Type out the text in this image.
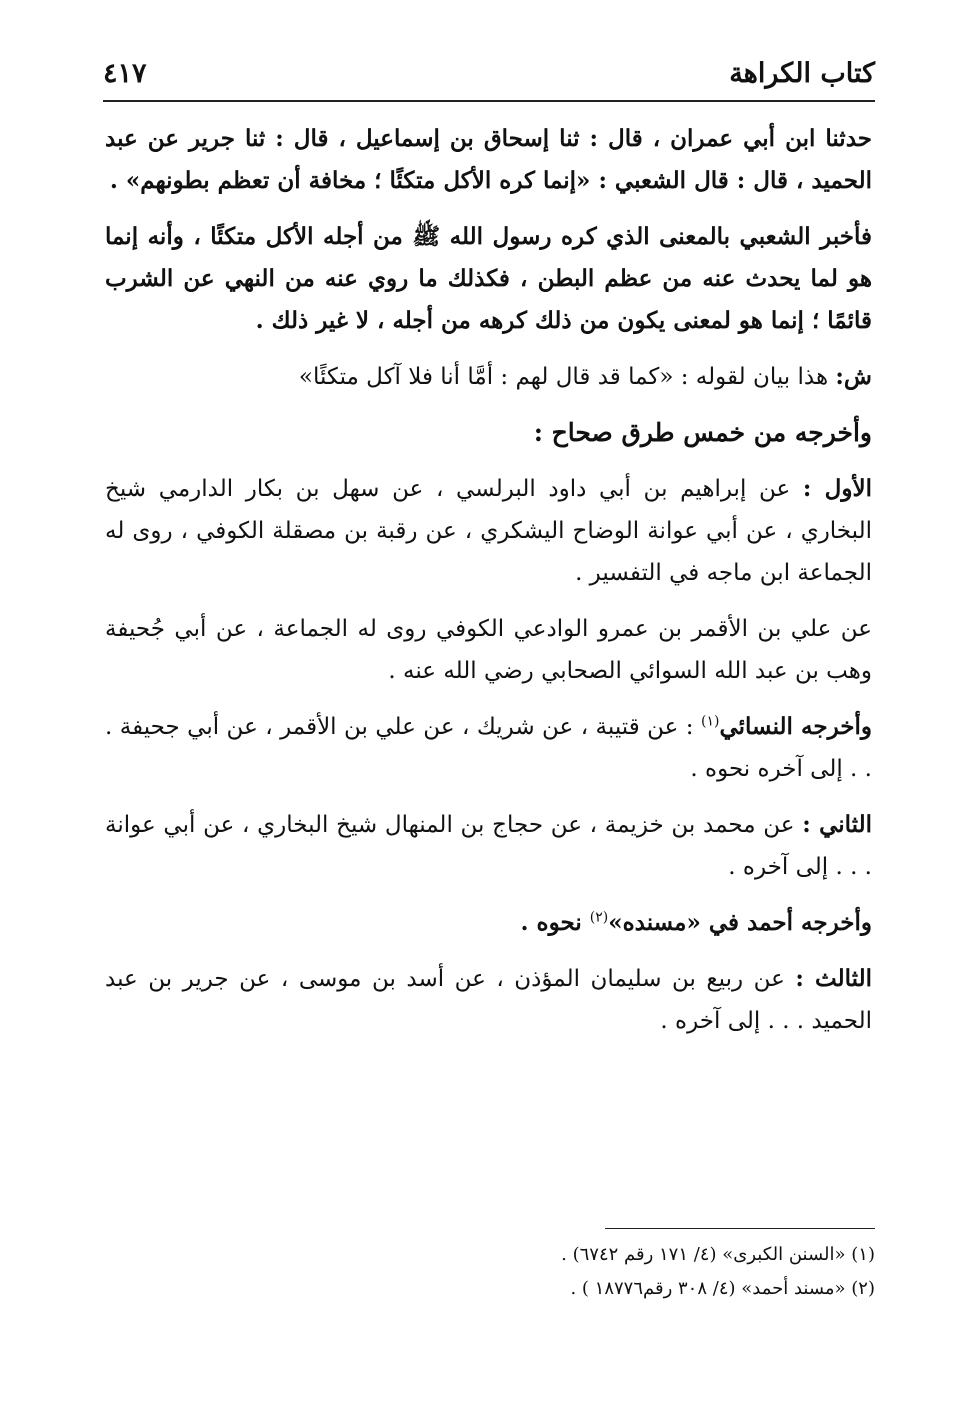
كتاب الكراهة
٤١٧

حدثنا ابن أبي عمران ، قال : ثنا إسحاق بن إسماعيل ، قال : ثنا جرير عن عبد الحميد ، قال : قال الشعبي : «إنما كره الأكل متكئًا ؛ مخافة أن تعظم بطونهم» .

فأخبر الشعبي بالمعنى الذي كره رسول الله ﷺ من أجله الأكل متكئًا ، وأنه إنما هو لما يحدث عنه من عظم البطن ، فكذلك ما روي عنه من النهي عن الشرب قائمًا ؛ إنما هو لمعنى يكون من ذلك كرهه من أجله ، لا غير ذلك .

ش: هذا بيان لقوله : «كما قد قال لهم : أمَّا أنا فلا آكل متكئًا»

وأخرجه من خمس طرق صحاح :

الأول : عن إبراهيم بن أبي داود البرلسي ، عن سهل بن بكار الدارمي شيخ البخاري ، عن أبي عوانة الوضاح اليشكري ، عن رقبة بن مصقلة الكوفي ، روى له الجماعة ابن ماجه في التفسير .

عن علي بن الأقمر بن عمرو الوادعي الكوفي روى له الجماعة ، عن أبي جُحيفة وهب بن عبد الله السوائي الصحابي رضي الله عنه .

وأخرجه النسائي$^{(١)}$ : عن قتيبة ، عن شريك ، عن علي بن الأقمر ، عن أبي جحيفة . . . إلى آخره نحوه .

الثاني : عن محمد بن خزيمة ، عن حجاج بن المنهال شيخ البخاري ، عن أبي عوانة . . . إلى آخره .

وأخرجه أحمد في «مسنده»$^{(٢)}$ نحوه .

الثالث : عن ربيع بن سليمان المؤذن ، عن أسد بن موسى ، عن جرير بن عبد الحميد . . . إلى آخره .

(١) «السنن الكبرى» (٤/ ١٧١ رقم ٦٧٤٢) .

(٢) «مسند أحمد» (٤/ ٣٠٨ رقم١٨٧٧٦ ) .
